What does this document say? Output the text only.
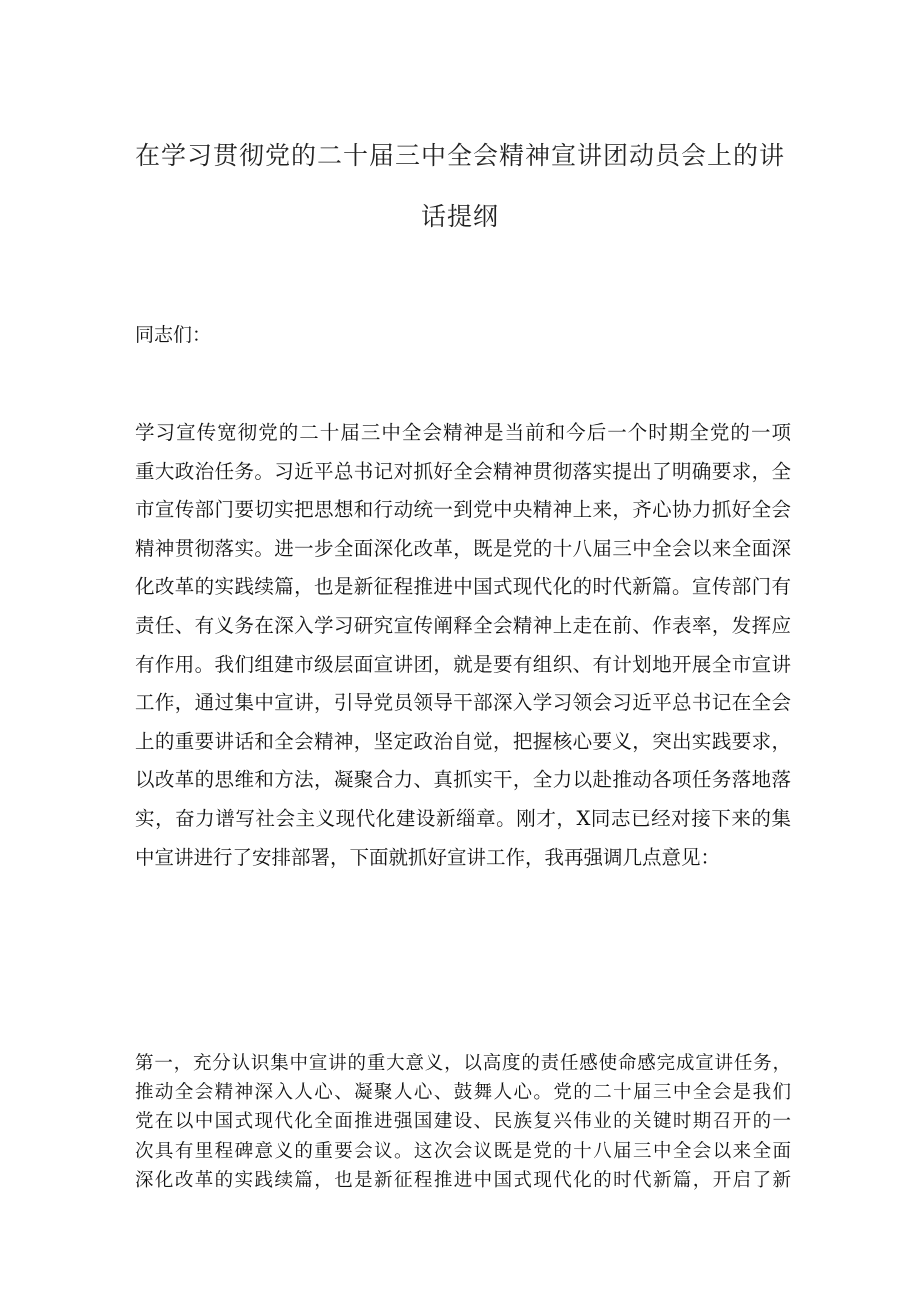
在学习贯彻党的二十届三中全会精神宣讲团动员会上的讲
话提纲

同志们：

学习宣传宽彻党的二十届三中全会精神是当前和今后一个时期全党的一项
重大政治任务。习近平总书记对抓好全会精神贯彻落实提出了明确要求，全
市宣传部门要切实把思想和行动统一到党中央精神上来，齐心协力抓好全会
精神贯彻落实。进一步全面深化改革，既是党的十八届三中全会以来全面深
化改革的实践续篇，也是新征程推进中国式现代化的时代新篇。宣传部门有
责任、有义务在深入学习研究宣传阐释全会精神上走在前、作表率，发挥应
有作用。我们组建市级层面宣讲团，就是要有组织、有计划地开展全市宣讲
工作，通过集中宣讲，引导党员领导干部深入学习领会习近平总书记在全会
上的重要讲话和全会精神，坚定政治自觉，把握核心要义，突出实践要求，
以改革的思维和方法，凝聚合力、真抓实干，全力以赴推动各项任务落地落
实，奋力谱写社会主义现代化建设新缁章。刚才，X同志已经对接下来的集
中宣讲进行了安排部署，下面就抓好宣讲工作，我再强调几点意见：

第一，充分认识集中宣讲的重大意义，以高度的责任感使命感完成宣讲任务，
推动全会精神深入人心、凝聚人心、鼓舞人心。党的二十届三中全会是我们
党在以中国式现代化全面推进强国建设、民族复兴伟业的关键时期召开的一
次具有里程碑意义的重要会议。这次会议既是党的十八届三中全会以来全面
深化改革的实践续篇，也是新征程推进中国式现代化的时代新篇，开启了新
